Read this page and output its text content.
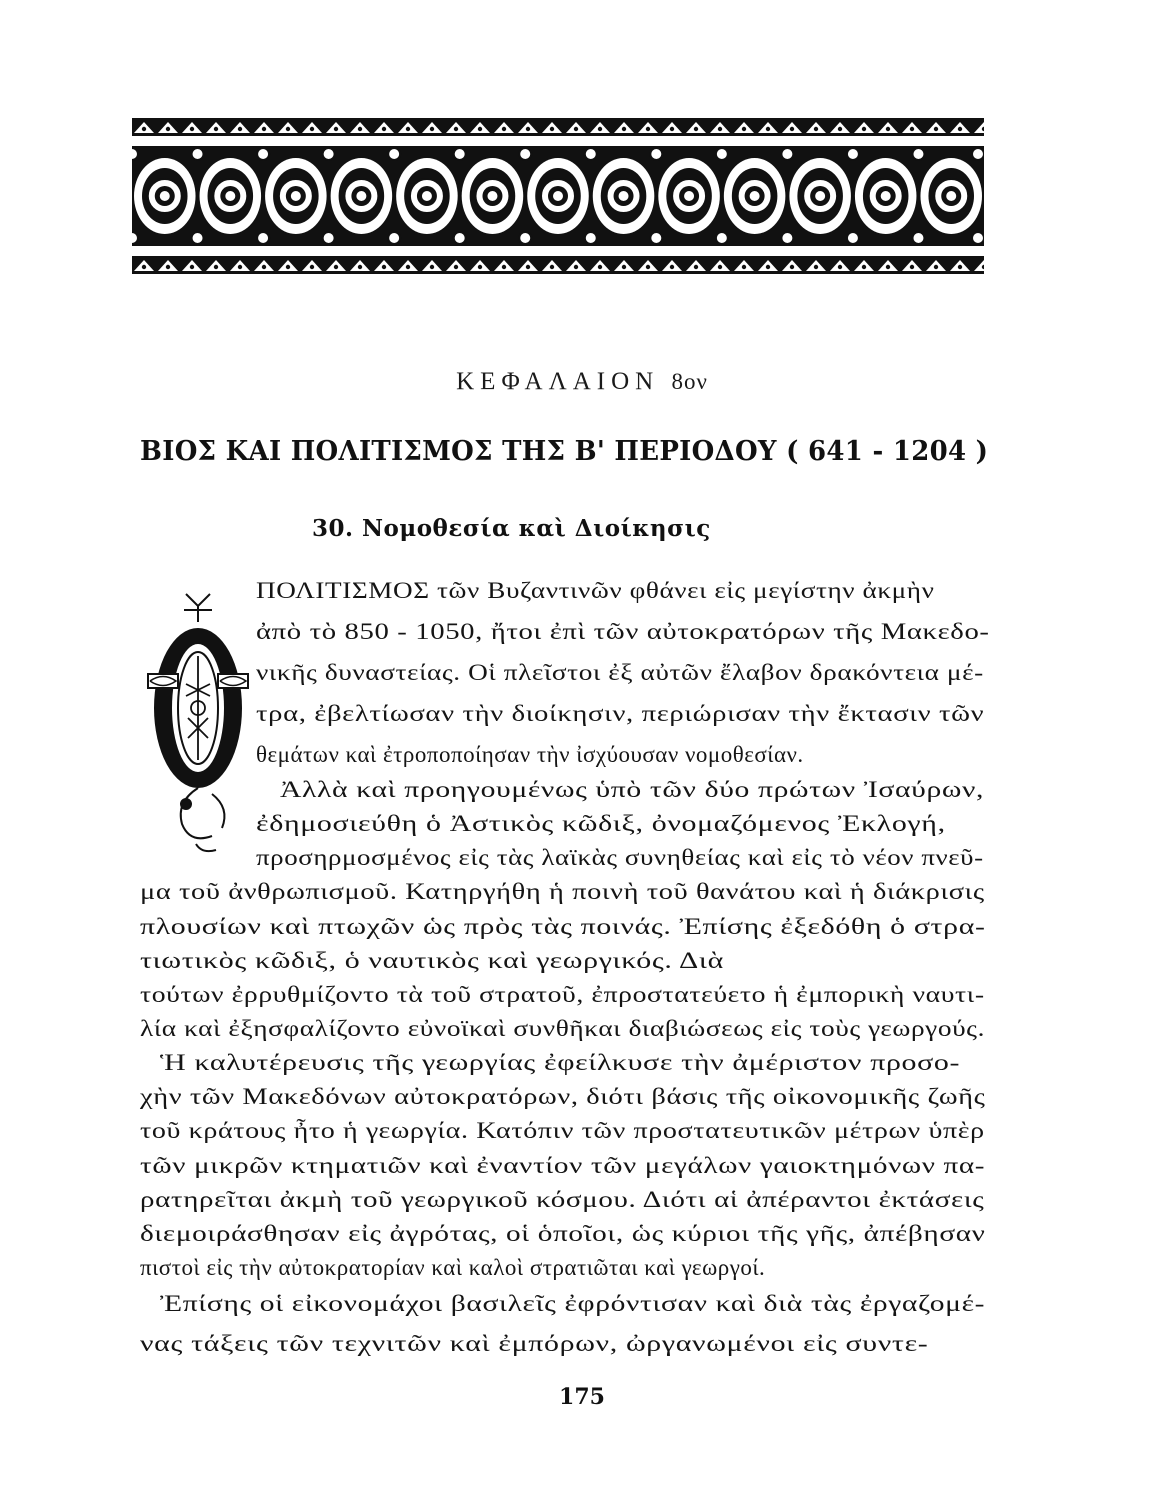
ΚΕΦΑΛΑΙΟΝ 8ον
ΒΙΟΣ ΚΑΙ ΠΟΛΙΤΙΣΜΟΣ ΤΗΣ Β' ΠΕΡΙΟΔΟΥ ( 641 - 1204 )
30. Νομοθεσία καὶ Διοίκησις
ΠΟΛΙΤΙΣΜΟΣ τῶν Βυζαντινῶν φθάνει εἰς μεγίστην ἀκμὴν
ἀπὸ τὸ 850 - 1050, ἤτοι ἐπὶ τῶν αὐτοκρατόρων τῆς Μακεδο-
νικῆς δυναστείας. Οἱ πλεῖστοι ἐξ αὐτῶν ἔλαβον δρακόντεια μέ-
τρα, ἐβελτίωσαν τὴν διοίκησιν, περιώρισαν τὴν ἔκτασιν τῶν
θεμάτων καὶ ἐτροποποίησαν τὴν ἰσχύουσαν νομοθεσίαν.
Ἀλλὰ καὶ προηγουμένως ὑπὸ τῶν δύο πρώτων Ἰσαύρων,
ἐδημοσιεύθη ὁ Ἀστικὸς κῶδιξ, ὀνομαζόμενος Ἐκλογή,
προσηρμοσμένος εἰς τὰς λαϊκὰς συνηθείας καὶ εἰς τὸ νέον πνεῦ-
μα τοῦ ἀνθρωπισμοῦ. Κατηργήθη ἡ ποινὴ τοῦ θανάτου καὶ ἡ διάκρισις
πλουσίων καὶ πτωχῶν ὡς πρὸς τὰς ποινάς. Ἐπίσης ἐξεδόθη ὁ στρα-
τιωτικὸς κῶδιξ, ὁ ναυτικὸς καὶ γεωργικός. Διὰ
τούτων ἐρρυθμίζοντο τὰ τοῦ στρατοῦ, ἐπροστατεύετο ἡ ἐμπορικὴ ναυτι-
λία καὶ ἐξησφαλίζοντο εὐνοϊκαὶ συνθῆκαι διαβιώσεως εἰς τοὺς γεωργούς.
Ἡ καλυτέρευσις τῆς γεωργίας ἐφείλκυσε τὴν ἀμέριστον προσο-
χὴν τῶν Μακεδόνων αὐτοκρατόρων, διότι βάσις τῆς οἰκονομικῆς ζωῆς
τοῦ κράτους ἦτο ἡ γεωργία. Κατόπιν τῶν προστατευτικῶν μέτρων ὑπὲρ
τῶν μικρῶν κτηματιῶν καὶ ἐναντίον τῶν μεγάλων γαιοκτημόνων πα-
ρατηρεῖται ἀκμὴ τοῦ γεωργικοῦ κόσμου. Διότι αἱ ἀπέραντοι ἐκτάσεις
διεμοιράσθησαν εἰς ἀγρότας, οἱ ὁποῖοι, ὡς κύριοι τῆς γῆς, ἀπέβησαν
πιστοὶ εἰς τὴν αὐτοκρατορίαν καὶ καλοὶ στρατιῶται καὶ γεωργοί.
Ἐπίσης οἱ εἰκονομάχοι βασιλεῖς ἐφρόντισαν καὶ διὰ τὰς ἐργαζομέ-
νας τάξεις τῶν τεχνιτῶν καὶ ἐμπόρων, ὠργανωμένοι εἰς συντε-
175
